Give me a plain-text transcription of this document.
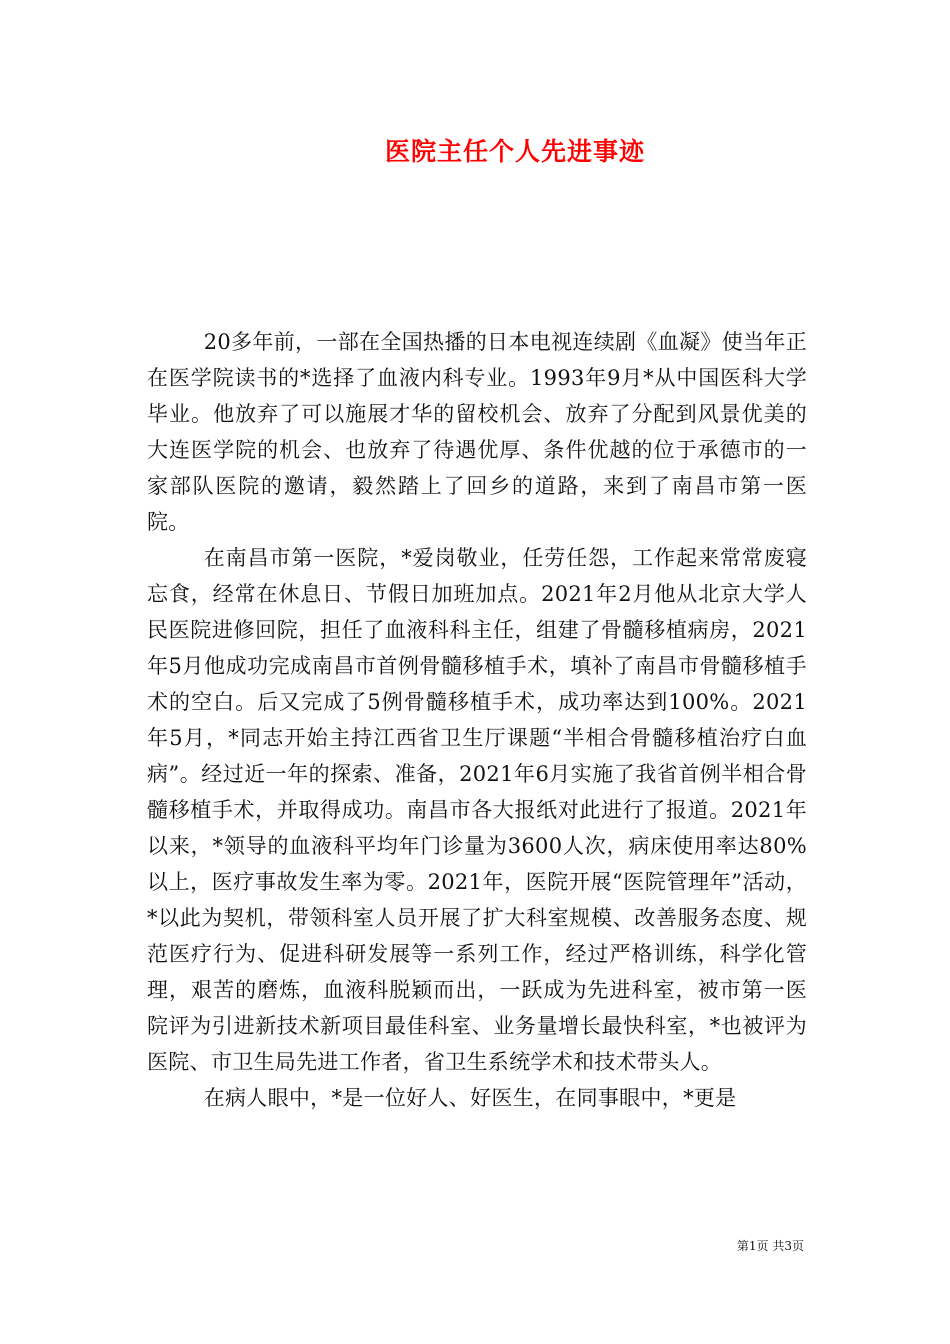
医院主任个人先进事迹

20多年前，一部在全国热播的日本电视连续剧《血凝》使当年正在医学院读书的*选择了血液内科专业。1993年9月*从中国医科大学毕业。他放弃了可以施展才华的留校机会、放弃了分配到风景优美的大连医学院的机会、也放弃了待遇优厚、条件优越的位于承德市的一家部队医院的邀请，毅然踏上了回乡的道路，来到了南昌市第一医院。

在南昌市第一医院，*爱岗敬业，任劳任怨，工作起来常常废寝忘食，经常在休息日、节假日加班加点。2021年2月他从北京大学人民医院进修回院，担任了血液科科主任，组建了骨髓移植病房，2021年5月他成功完成南昌市首例骨髓移植手术，填补了南昌市骨髓移植手术的空白。后又完成了5例骨髓移植手术，成功率达到100%。2021年5月，*同志开始主持江西省卫生厅课题“半相合骨髓移植治疗白血病”。经过近一年的探索、准备，2021年6月实施了我省首例半相合骨髓移植手术，并取得成功。南昌市各大报纸对此进行了报道。2021年以来，*领导的血液科平均年门诊量为3600人次，病床使用率达80%以上，医疗事故发生率为零。2021年，医院开展“医院管理年”活动，*以此为契机，带领科室人员开展了扩大科室规模、改善服务态度、规范医疗行为、促进科研发展等一系列工作，经过严格训练，科学化管理，艰苦的磨炼，血液科脱颖而出，一跃成为先进科室，被市第一医院评为引进新技术新项目最佳科室、业务量增长最快科室，*也被评为医院、市卫生局先进工作者，省卫生系统学术和技术带头人。

在病人眼中，*是一位好人、好医生，在同事眼中，*更是

第1页 共3页
